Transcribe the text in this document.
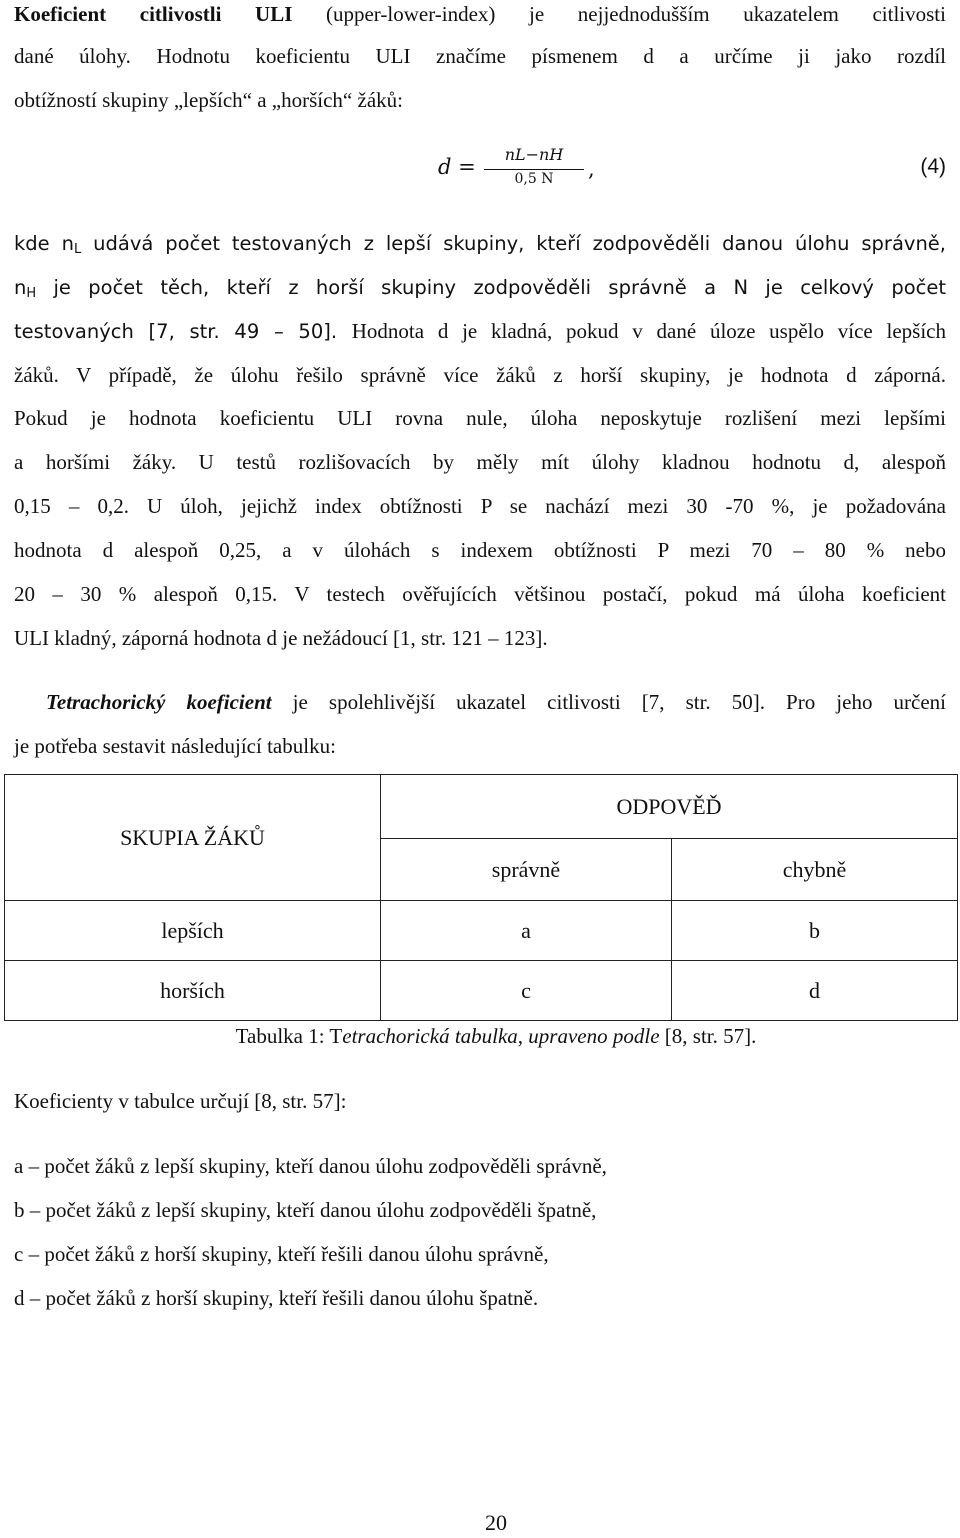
Koeficient citlivostli ULI (upper-lower-index) je nejjednodušším ukazatelem citlivosti
dané úlohy. Hodnotu koeficientu ULI značíme písmenem d a určíme ji jako rozdíl
obtížností skupiny „lepších“ a „horších“ žáků:
d =
nL−nH
0,5 N	,	(4)
kde $n_L$ udává počet testovaných z lepší skupiny, kteří zodpověděli danou úlohu správně,
$n_H$ je počet těch, kteří z horší skupiny zodpověděli správně a N je celkový počet
testovaných [7, str. 49 – 50]. Hodnota d je kladná, pokud v dané úloze uspělo více lepších
žáků. V případě, že úlohu řešilo správně více žáků z horší skupiny, je hodnota d záporná.
Pokud je hodnota koeficientu ULI rovna nule, úloha neposkytuje rozlišení mezi lepšími
a horšími žáky. U testů rozlišovacích by měly mít úlohy kladnou hodnotu d, alespoň
0,15 – 0,2. U úloh, jejichž index obtížnosti P se nachází mezi 30 -70 %, je požadována
hodnota d alespoň 0,25, a v úlohách s indexem obtížnosti P mezi 70 – 80 % nebo
20 – 30 % alespoň 0,15. V testech ověřujících většinou postačí, pokud má úloha koeficient
ULI kladný, záporná hodnota d je nežádoucí [1, str. 121 – 123].
Tetrachorický koeficient je spolehlivější ukazatel citlivosti [7, str. 50]. Pro jeho určení
je potřeba sestavit následující tabulku:
SKUPIA ŽÁKŮ	ODPOVĚĎ	
	správně	chybně
lepších	a	b
horších	c	d
Tabulka 1: Tetrachorická tabulka, upraveno podle [8, str. 57].
Koeficienty v tabulce určují [8, str. 57]:
a – počet žáků z lepší skupiny, kteří danou úlohu zodpověděli správně,
b – počet žáků z lepší skupiny, kteří danou úlohu zodpověděli špatně,
c – počet žáků z horší skupiny, kteří řešili danou úlohu správně,
d – počet žáků z horší skupiny, kteří řešili danou úlohu špatně.
20
